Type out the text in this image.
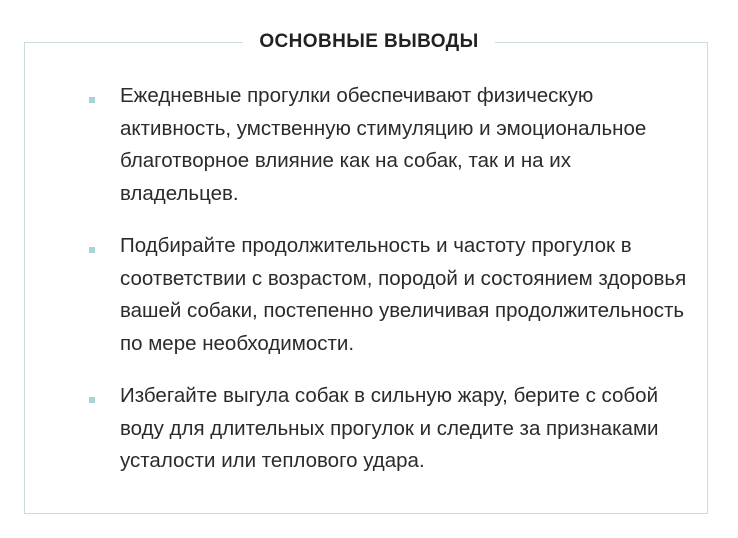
ОСНОВНЫЕ ВЫВОДЫ
Ежедневные прогулки обеспечивают физическую активность, умственную стимуляцию и эмоциональное благотворное влияние как на собак, так и на их владельцев.
Подбирайте продолжительность и частоту прогулок в соответствии с возрастом, породой и состоянием здоровья вашей собаки, постепенно увеличивая продолжительность по мере необходимости.
Избегайте выгула собак в сильную жару, берите с собой воду для длительных прогулок и следите за признаками усталости или теплового удара.
